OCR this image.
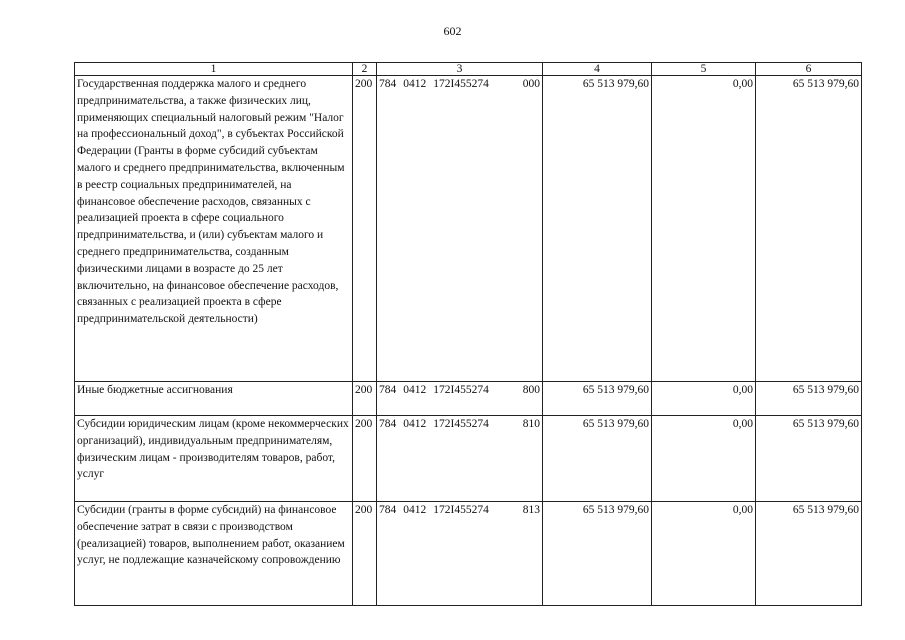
602
1	2	3	4	5	6
Государственная поддержка малого и среднего предпринимательства, а также физических лиц, применяющих специальный налоговый режим "Налог на профессиональный доход", в субъектах Российской Федерации (Гранты в форме субсидий субъектам малого и среднего предпринимательства, включенным в реестр социальных предпринимателей, на финансовое обеспечение расходов, связанных с реализацией проекта в сфере социального предпринимательства, и (или) субъектам малого и среднего предпринимательства, созданным физическими лицами в возрасте до 25 лет включительно, на финансовое обеспечение расходов, связанных с реализацией проекта в сфере предпринимательской деятельности)	200	784 0412 172I455274 000	65 513 979,60	0,00	65 513 979,60
Иные бюджетные ассигнования	200	784 0412 172I455274 800	65 513 979,60	0,00	65 513 979,60
Субсидии юридическим лицам (кроме некоммерческих организаций), индивидуальным предпринимателям, физическим лицам - производителям товаров, работ, услуг	200	784 0412 172I455274 810	65 513 979,60	0,00	65 513 979,60
Субсидии (гранты в форме субсидий) на финансовое обеспечение затрат в связи с производством (реализацией) товаров, выполнением работ, оказанием услуг, не подлежащие казначейскому сопровождению	200	784 0412 172I455274 813	65 513 979,60	0,00	65 513 979,60
